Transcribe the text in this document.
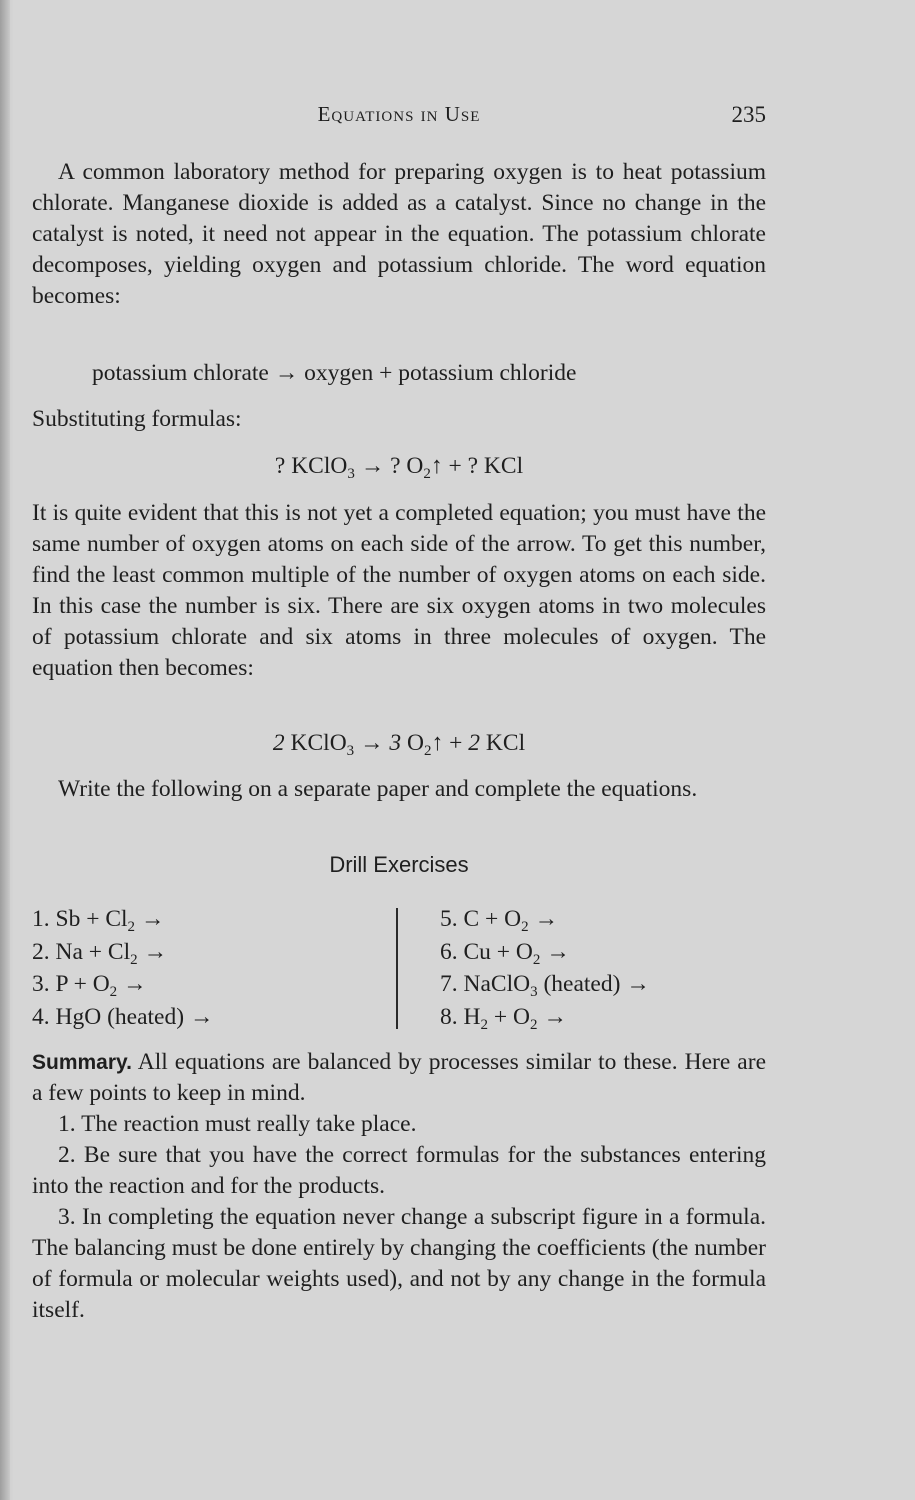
Equations in Use	235

A common laboratory method for preparing oxygen is to heat potassium chlorate. Manganese dioxide is added as a catalyst. Since no change in the catalyst is noted, it need not appear in the equation. The potassium chlorate decomposes, yielding oxygen and potassium chloride. The word equation becomes:

potassium chlorate → oxygen + potassium chloride
Substituting formulas:
? KClO$_3$ → ? $O_2↑$ + ? KCl

It is quite evident that this is not yet a completed equation; you must have the same number of oxygen atoms on each side of the arrow. To get this number, find the least common multiple of the number of oxygen atoms on each side. In this case the number is six. There are six oxygen atoms in two molecules of potassium chlorate and six atoms in three molecules of oxygen. The equation then becomes:

2 KClO$_3$ → 3 $O_2↑ + 2$ KCl

Write the following on a separate paper and complete the equations.

Drill Exercises
1. $Sb + Cl_2$ →
2. $Na + Cl_2$ →
3. $P + O_2$ →
4. HgO (heated) →
5. $C + O_2$ →
6. $Cu + O_2$ →
7. NaClO$_3$ (heated) →
8. $H_2 + O_2$ →

Summary. All equations are balanced by processes similar to these. Here are a few points to keep in mind.

1. The reaction must really take place.

2. Be sure that you have the correct formulas for the substances entering into the reaction and for the products.

3. In completing the equation never change a subscript figure in a formula. The balancing must be done entirely by changing the coefficients (the number of formula or molecular weights used), and not by any change in the formula itself.
